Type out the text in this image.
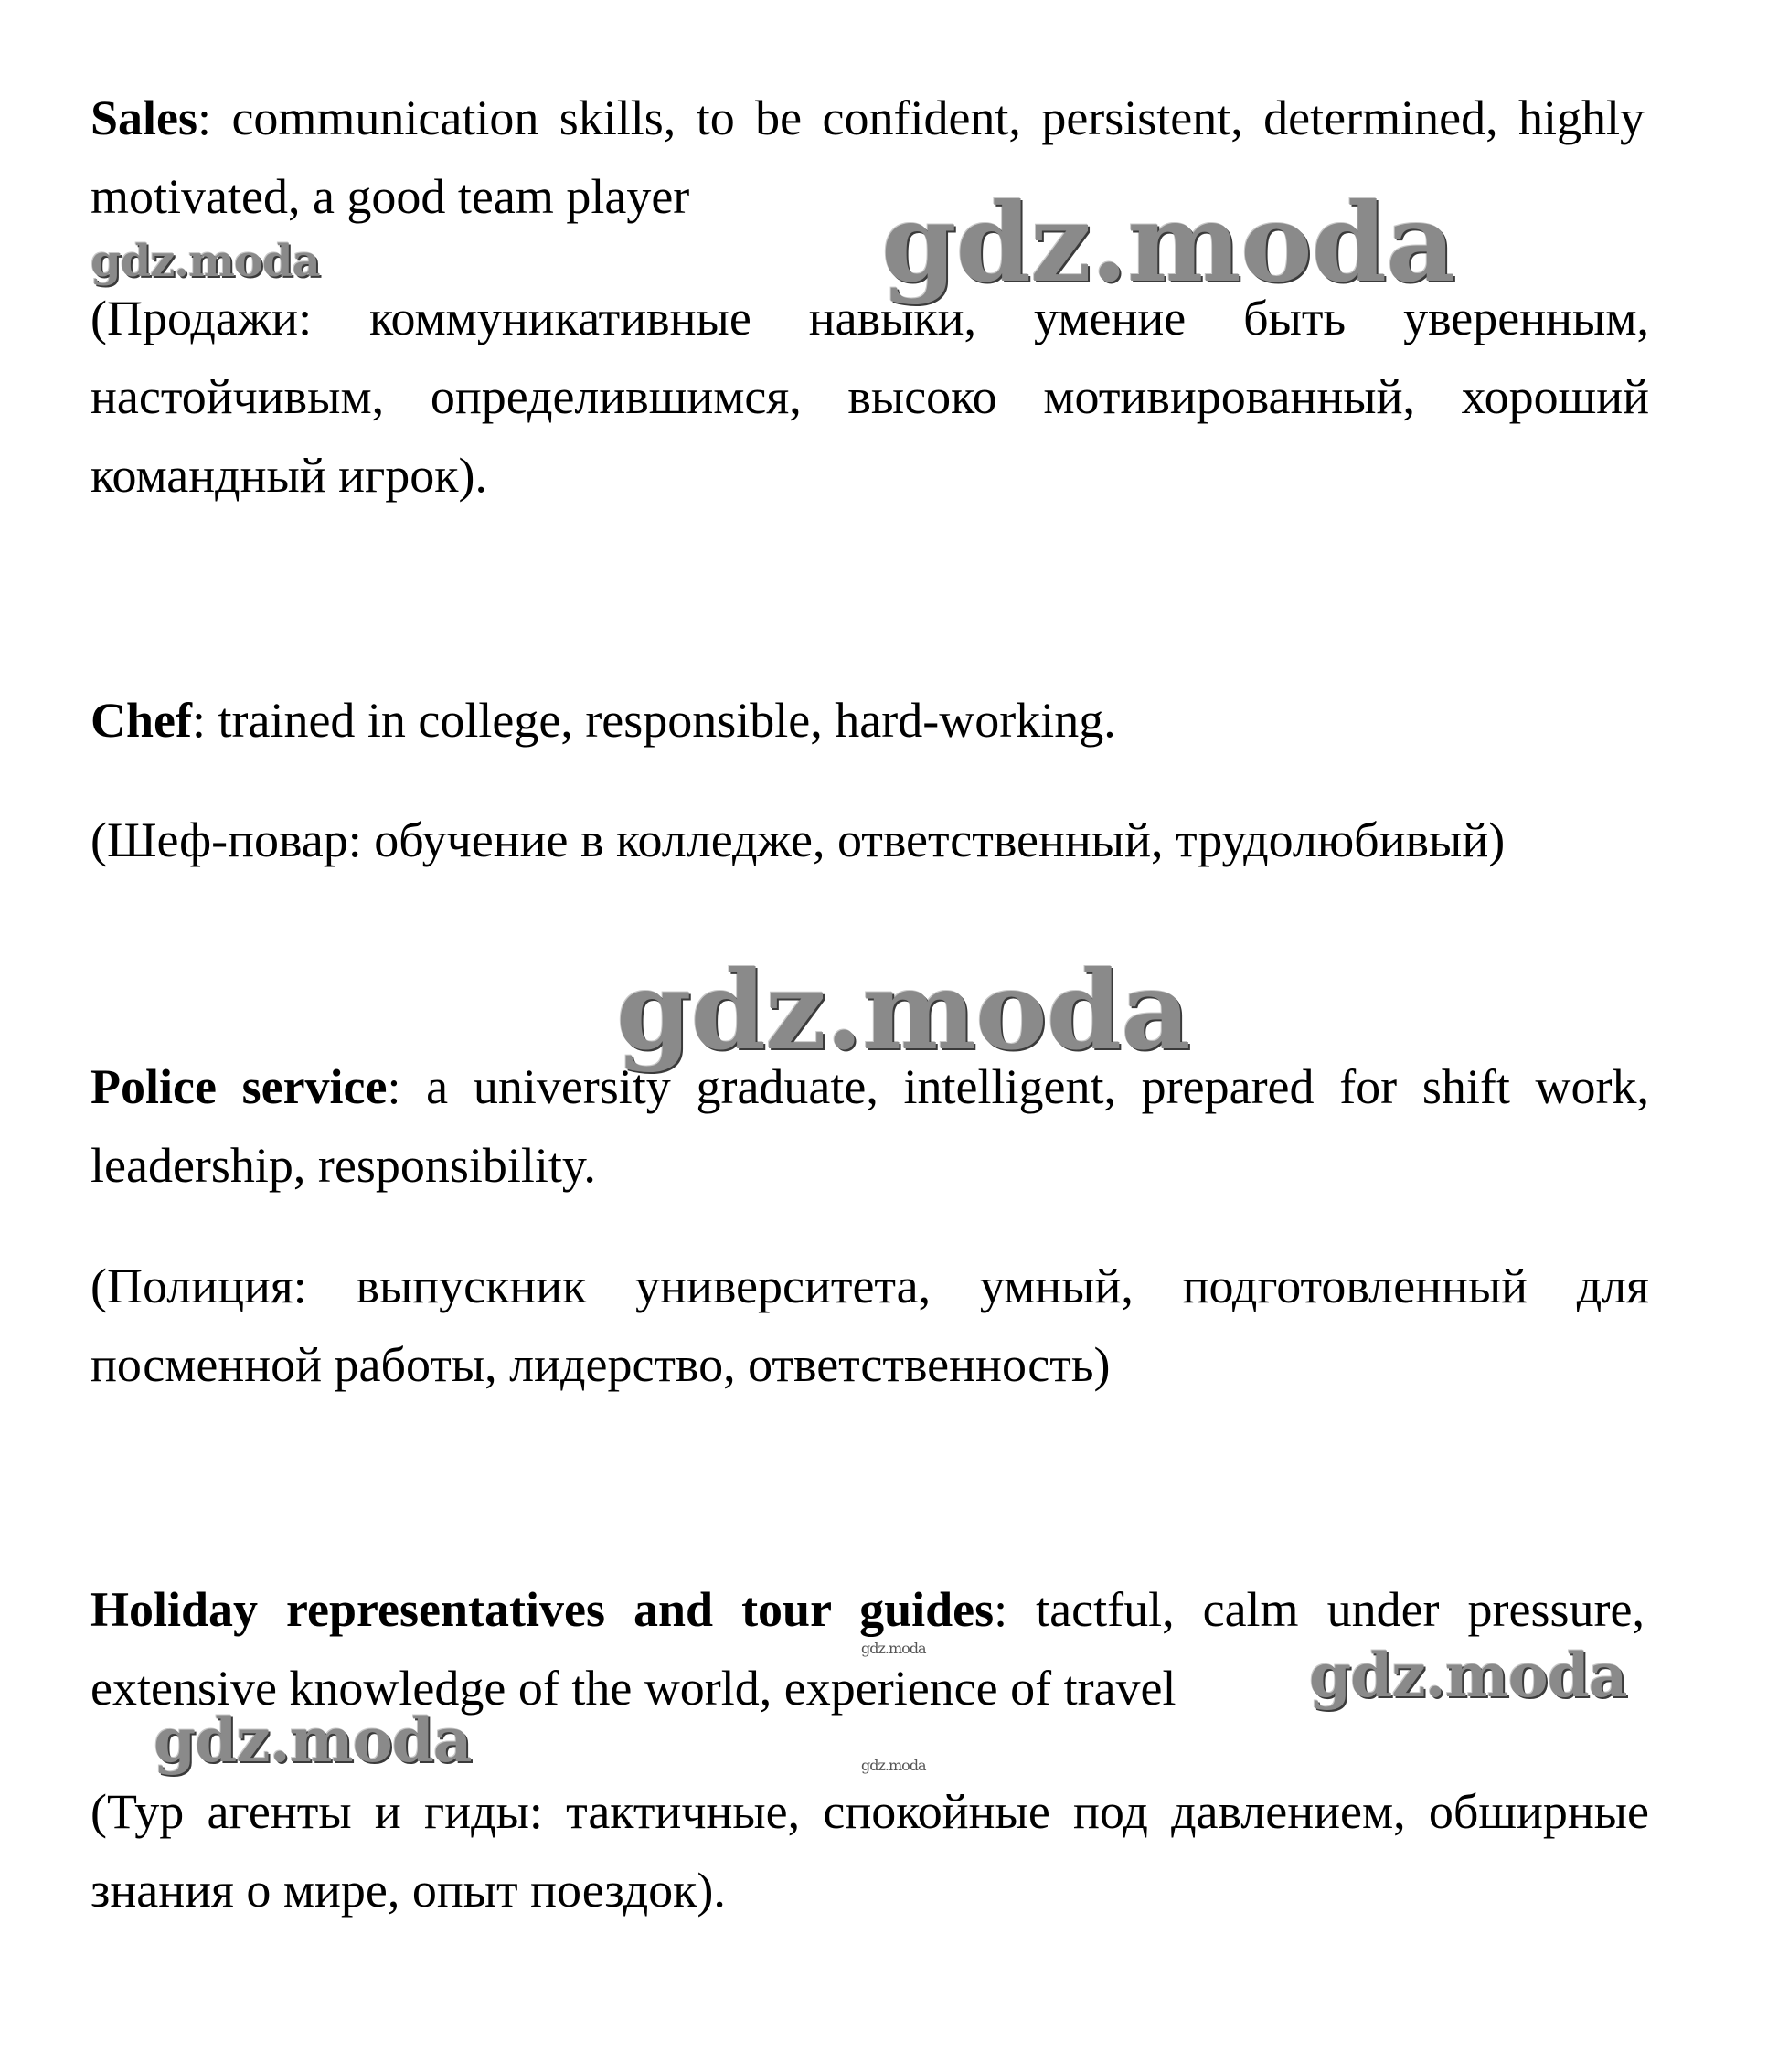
Sales: communication skills, to be confident, persistent, determined, highly motivated, a good team player

(Продажи: коммуникативные навыки, умение быть уверенным, настойчивым, определившимся, высоко мотивированный, хороший командный игрок).

Chef: trained in college, responsible, hard-working.

(Шеф-повар: обучение в колледже, ответственный, трудолюбивый)

Police service: a university graduate, intelligent, prepared for shift work, leadership, responsibility.

(Полиция: выпускник университета, умный, подготовленный для посменной работы, лидерство, ответственность)

Holiday representatives and tour guides: tactful, calm under pressure, extensive knowledge of the world, experience of travel

(Тур агенты и гиды: тактичные, спокойные под давлением, обширные знания о мире, опыт поездок).

gdz.moda	gdz.moda
gdz.moda
gdz.moda
gdz.moda
gdz.moda
gdz.moda
